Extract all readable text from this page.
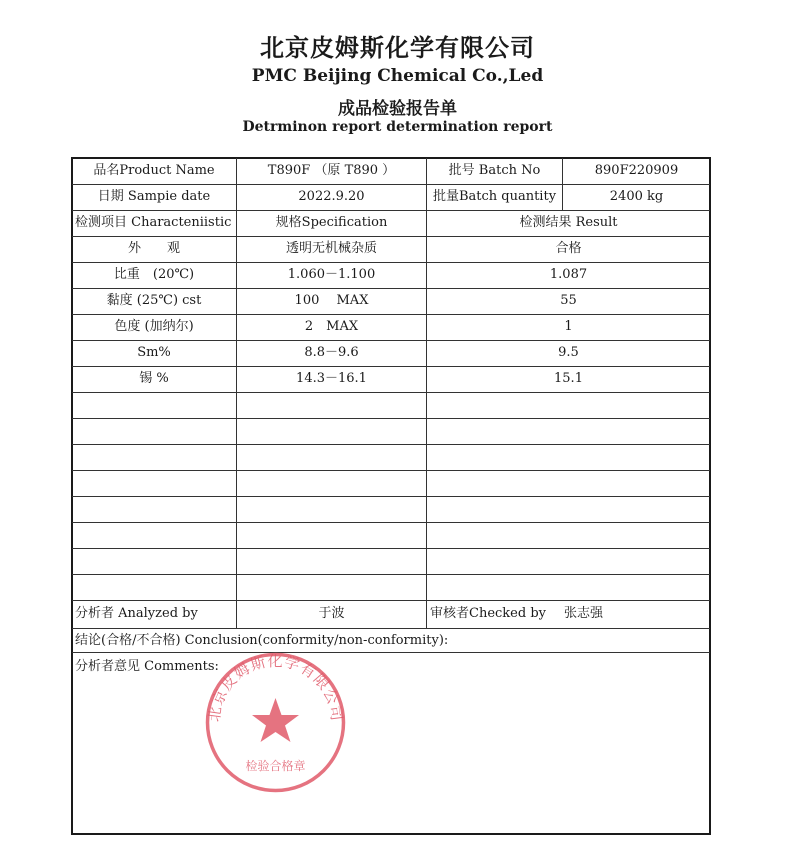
北京皮姆斯化学有限公司
PMC Beijing Chemical Co.,Led
成品检验报告单
Detrminon report determination report
品名Product Name	T890F （原 T890 ）	批号 Batch No	890F220909
日期 Sampie date	2022.9.20	批量Batch quantity	2400 kg
检测项目 Characteniistic	规格Specification	检测结果 Result
外　　观	透明无机械杂质	合格
比重　(20℃)	1.060－1.100	1.087
黏度 (25℃) cst	100　 MAX	55
色度 (加纳尔)	2　MAX	1
Sm%	8.8－9.6	9.5
锡 %	14.3－16.1	15.1
分析者 Analyzed by	于波	审核者Checked by 张志强
结论(合格/不合格) Conclusion(conformity/non-conformity):
分析者意见 Comments:
北京皮姆斯化学有限公司
检验合格章
